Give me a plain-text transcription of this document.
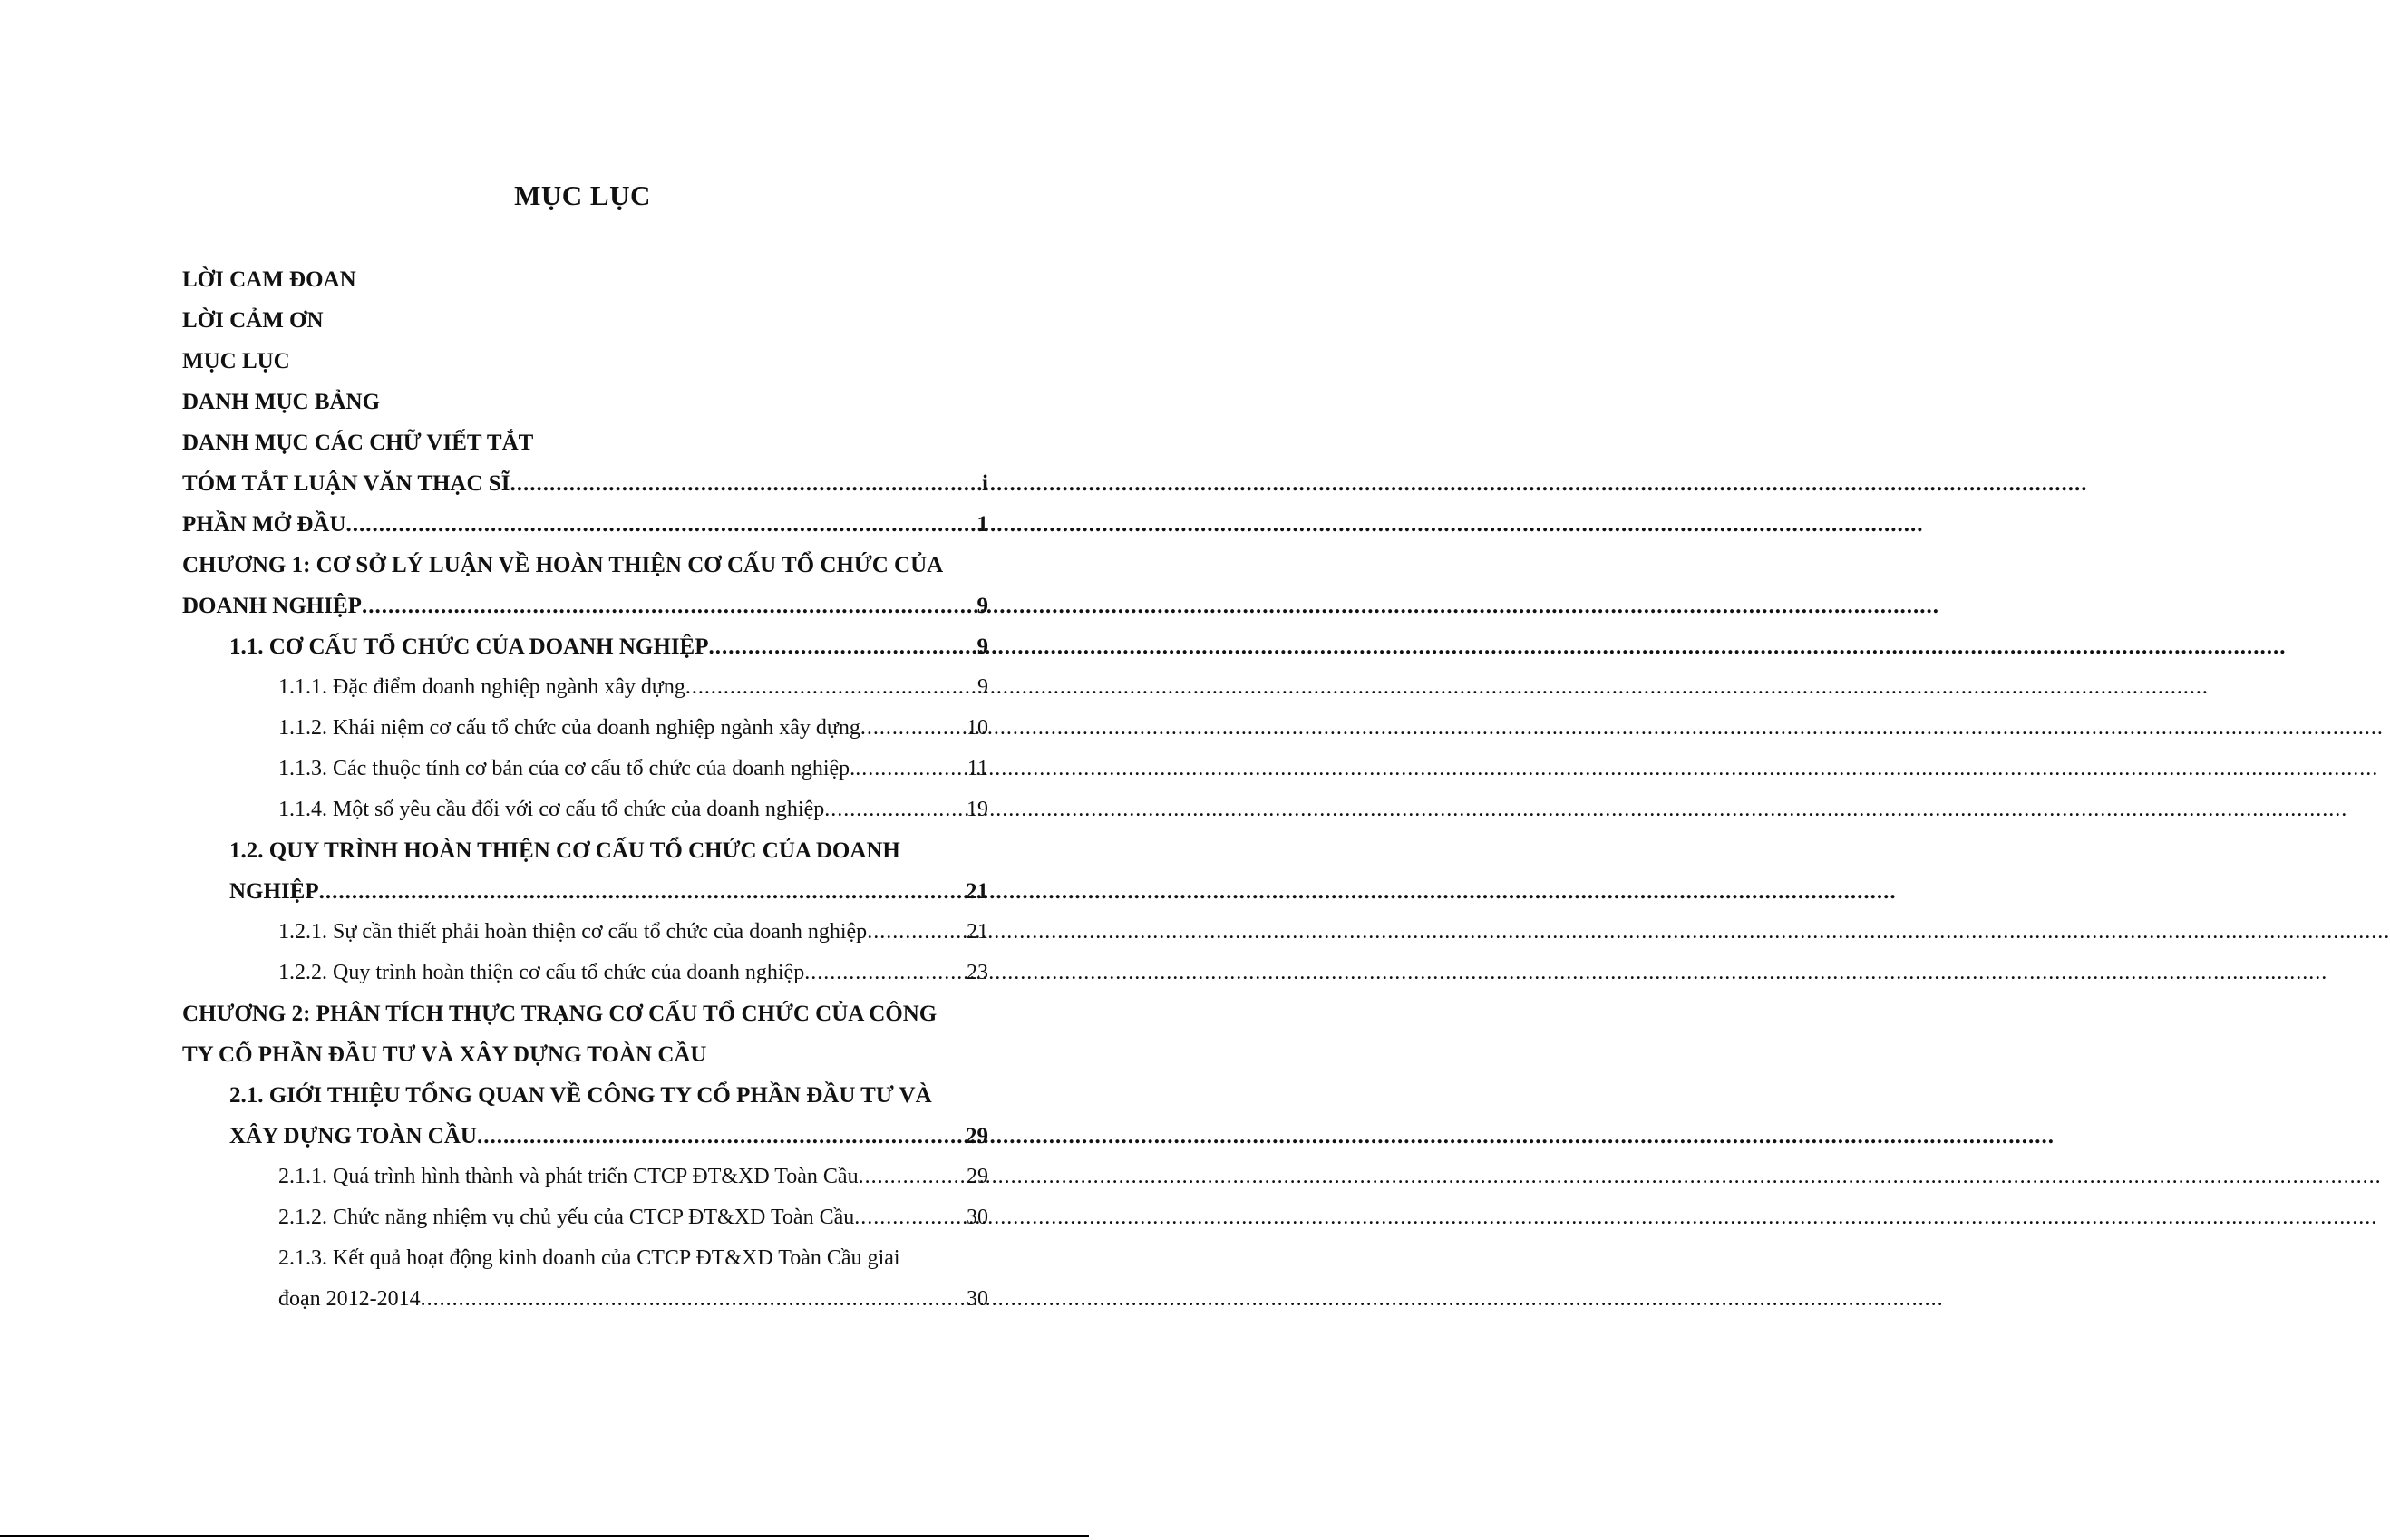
MỤC LỤC
LỜI CAM ĐOAN
LỜI CẢM ƠN
MỤC LỤC
DANH MỤC BẢNG
DANH MỤC CÁC CHỮ VIẾT TẮT
TÓM TẮT LUẬN VĂN THẠC SĨ .....	i
PHẦN MỞ ĐẦU .....	1
CHƯƠNG 1: CƠ SỞ LÝ LUẬN VỀ HOÀN THIỆN CƠ CẤU TỔ CHỨC CỦA
DOANH NGHIỆP .....	9
1.1. CƠ CẤU TỔ CHỨC CỦA DOANH NGHIỆP .....	9
1.1.1. Đặc điểm doanh nghiệp ngành xây dựng .....	9
1.1.2. Khái niệm cơ cấu tổ chức của doanh nghiệp ngành xây dựng .....	10
1.1.3. Các thuộc tính cơ bản của cơ cấu tổ chức của doanh nghiệp. .....	11
1.1.4. Một số yêu cầu đối với cơ cấu tổ chức của doanh nghiệp .....	19
1.2. QUY TRÌNH HOÀN THIỆN CƠ CẤU TỔ CHỨC CỦA DOANH
NGHIỆP .....	21
1.2.1. Sự cần thiết phải hoàn thiện cơ cấu tổ chức của doanh nghiệp .....	21
1.2.2. Quy trình hoàn thiện cơ cấu tổ chức của doanh nghiệp .....	23
CHƯƠNG 2: PHÂN TÍCH THỰC TRẠNG CƠ CẤU TỔ CHỨC CỦA CÔNG
TY CỔ PHẦN ĐẦU TƯ VÀ XÂY DỰNG TOÀN CẦU
2.1. GIỚI THIỆU TỔNG QUAN VỀ CÔNG TY CỔ PHẦN ĐẦU TƯ VÀ
XÂY DỰNG TOÀN CẦU .....	29
2.1.1. Quá trình hình thành và phát triển CTCP ĐT&XD Toàn Cầu .....	29
2.1.2. Chức năng nhiệm vụ chủ yếu của CTCP ĐT&XD Toàn Cầu .....	30
2.1.3. Kết quả hoạt động kinh doanh của CTCP ĐT&XD Toàn Cầu giai
đoạn 2012-2014 .....	30
